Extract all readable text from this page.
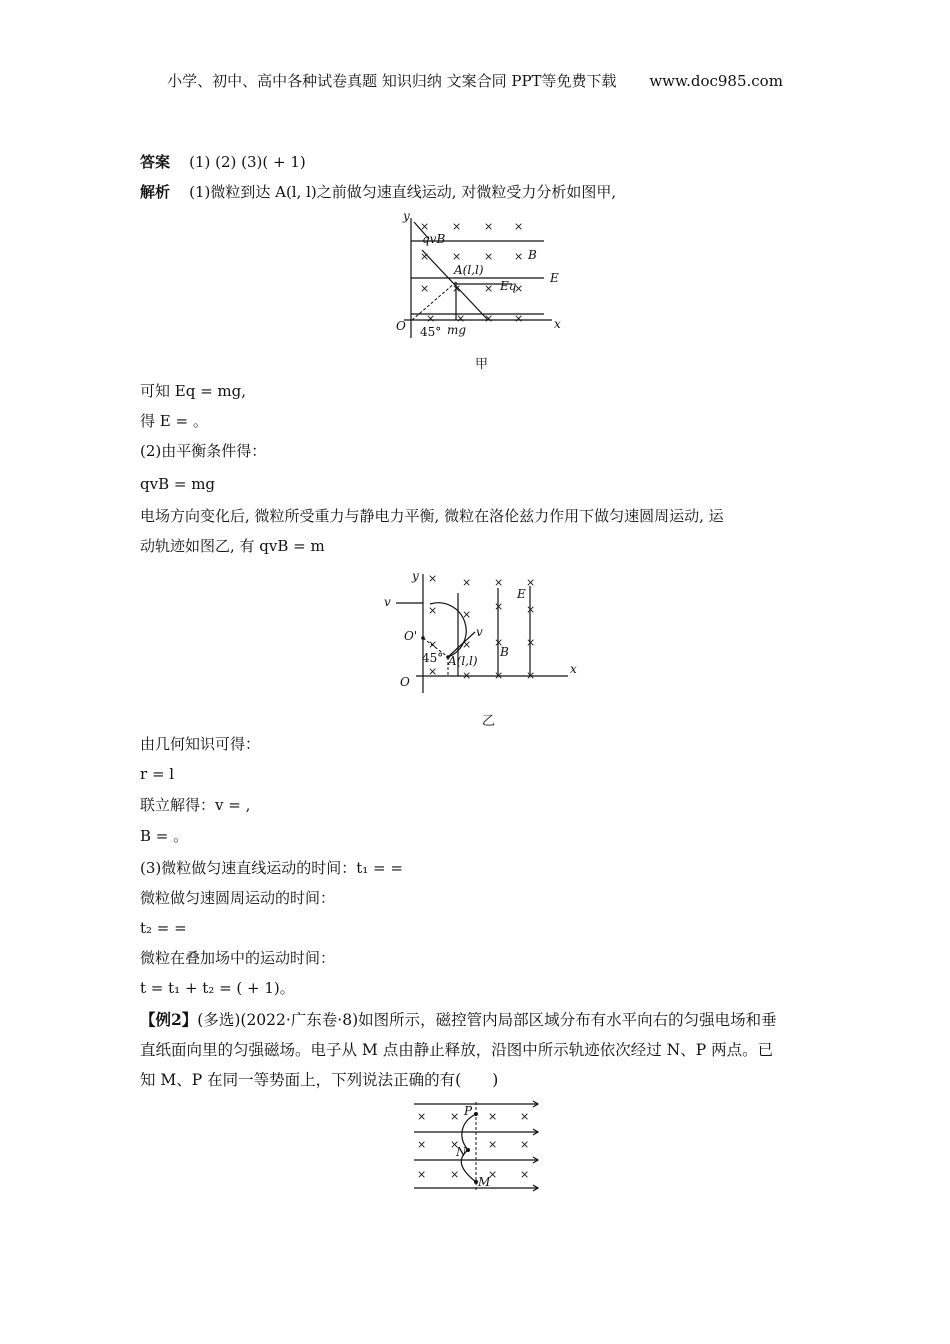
小学、初中、高中各种试卷真题 知识归纳 文案合同 PPT等免费下载 www.doc985.com
答案 (1) (2) (3)( + 1)
解析 (1)微粒到达 A(l, l)之前做匀速直线运动, 对微粒受力分析如图甲,
× × × ×
× × × ×
× × × ×
× × × ×
y
x
O
qvB
B
A(l,l)
E
Eq
45° mg
甲
可知 Eq = mg,
得 E = 。
(2)由平衡条件得：
qvB = mg
电场方向变化后, 微粒所受重力与静电力平衡, 微粒在洛伦兹力作用下做匀速圆周运动, 运
动轨迹如图乙, 有 qvB = m
× × × ×
× ×
× ×
× × × ×
× × × ×
y
x
O
O'
v
v
45° A(l,l)
B
E
乙
由几何知识可得：
r = l
联立解得：v = ,
B = 。
(3)微粒做匀速直线运动的时间：t₁ = =
微粒做匀速圆周运动的时间：
t₂ = =
微粒在叠加场中的运动时间：
t = t₁ + t₂ = ( + 1)。
【例2】(多选)(2022·广东卷·8)如图所示，磁控管内局部区域分布有水平向右的匀强电场和垂
直纸面向里的匀强磁场。电子从 M 点由静止释放，沿图中所示轨迹依次经过 N、P 两点。已
知 M、P 在同一等势面上，下列说法正确的有(　　)
× ×	× ×
× ×	× ×
× ×	× ×
P
N
M
